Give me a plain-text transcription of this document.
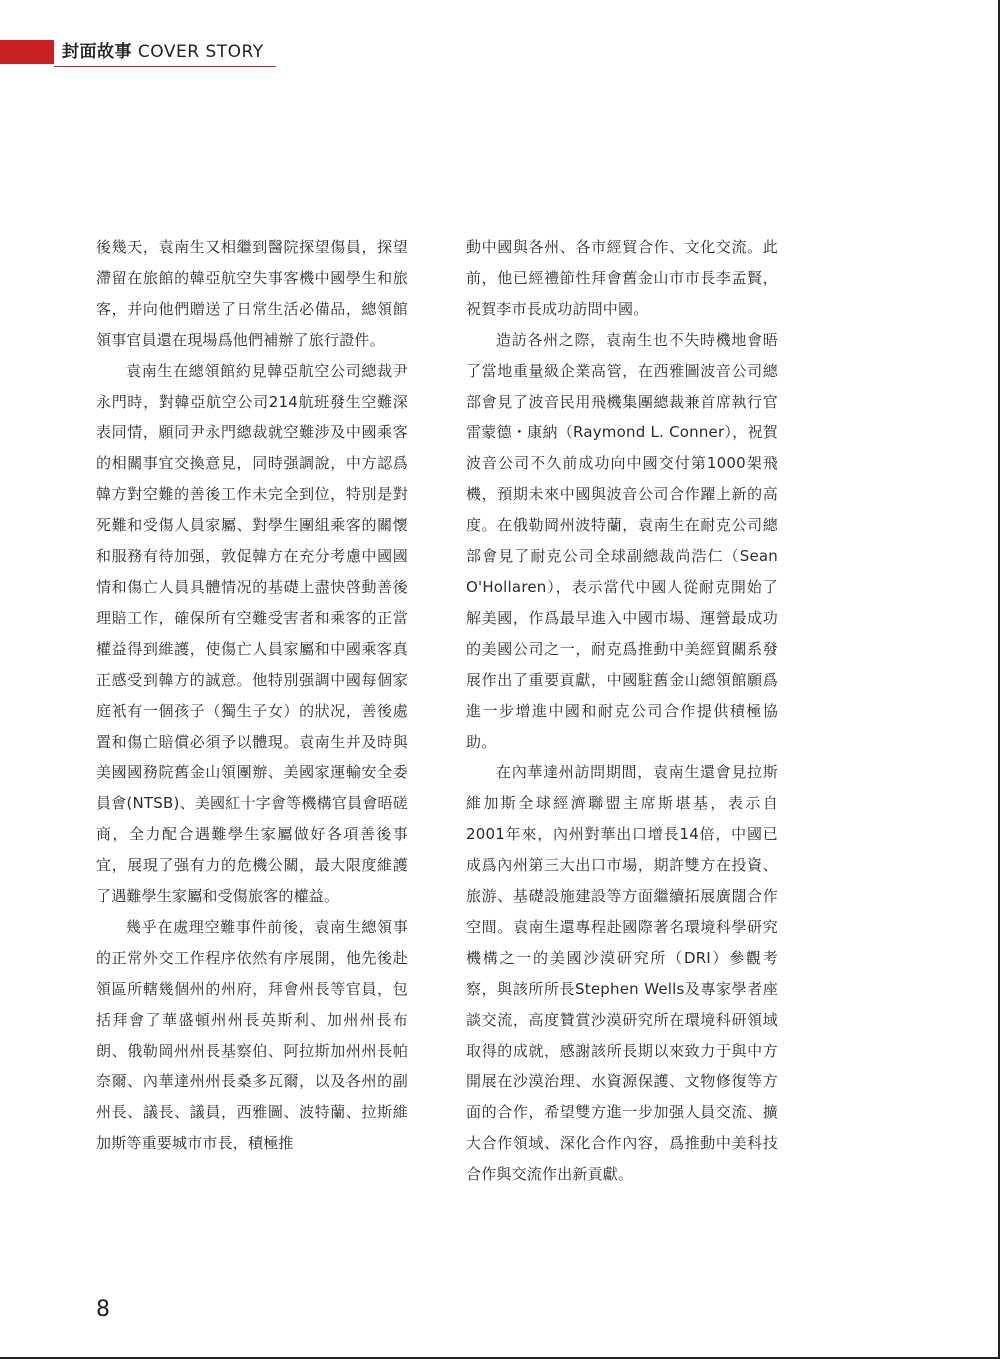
封面故事 COVER STORY

後幾天，袁南生又相繼到醫院探望傷員，探望滯留在旅館的韓亞航空失事客機中國學生和旅客，并向他們贈送了日常生活必備品，總領館領事官員還在現場爲他們補辦了旅行證件。

袁南生在總領館約見韓亞航空公司總裁尹永門時，對韓亞航空公司214航班發生空難深表同情，願同尹永門總裁就空難涉及中國乘客的相關事宜交換意見，同時强調說，中方認爲韓方對空難的善後工作未完全到位，特別是對死難和受傷人員家屬、對學生團組乘客的關懷和服務有待加强，敦促韓方在充分考慮中國國情和傷亡人員具體情况的基礎上盡快啓動善後理賠工作，確保所有空難受害者和乘客的正當權益得到維護，使傷亡人員家屬和中國乘客真正感受到韓方的誠意。他特別强調中國每個家庭衹有一個孩子（獨生子女）的狀况，善後處置和傷亡賠償必須予以體現。袁南生并及時與美國國務院舊金山領團辦、美國家運輸安全委員會(NTSB)、美國紅十字會等機構官員會晤磋商，全力配合遇難學生家屬做好各項善後事宜，展現了强有力的危機公關，最大限度維護了遇難學生家屬和受傷旅客的權益。

幾乎在處理空難事件前後，袁南生總領事的正常外交工作程序依然有序展開，他先後赴領區所轄幾個州的州府，拜會州長等官員，包括拜會了華盛頓州州長英斯利、加州州長布朗、俄勒岡州州長基察伯、阿拉斯加州州長帕奈爾、內華達州州長桑多瓦爾，以及各州的副州長、議長、議員，西雅圖、波特蘭、拉斯維加斯等重要城市市長，積極推

動中國與各州、各市經貿合作、文化交流。此前，他已經禮節性拜會舊金山市市長李孟賢，祝賀李市長成功訪問中國。

造訪各州之際，袁南生也不失時機地會晤了當地重量級企業高管，在西雅圖波音公司總部會見了波音民用飛機集團總裁兼首席執行官雷蒙德・康納（Raymond L. Conner），祝賀波音公司不久前成功向中國交付第1000架飛機，預期未來中國與波音公司合作躍上新的高度。在俄勒岡州波特蘭，袁南生在耐克公司總部會見了耐克公司全球副總裁尚浩仁（Sean O'Hollaren），表示當代中國人從耐克開始了解美國，作爲最早進入中國市場、運營最成功的美國公司之一，耐克爲推動中美經貿關系發展作出了重要貢獻，中國駐舊金山總領館願爲進一步增進中國和耐克公司合作提供積極協助。

在內華達州訪問期間，袁南生還會見拉斯維加斯全球經濟聯盟主席斯堪基，表示自2001年來，內州對華出口增長14倍，中國已成爲內州第三大出口市場，期許雙方在投資、旅游、基礎設施建設等方面繼續拓展廣闊合作空間。袁南生還專程赴國際著名環境科學研究機構之一的美國沙漠研究所（DRI）參觀考察，與該所所長Stephen Wells及專家學者座談交流，高度贊賞沙漠研究所在環境科研領域取得的成就，感謝該所長期以來致力于與中方開展在沙漠治理、水資源保護、文物修復等方面的合作，希望雙方進一步加强人員交流、擴大合作領域、深化合作內容，爲推動中美科技合作與交流作出新貢獻。

8
